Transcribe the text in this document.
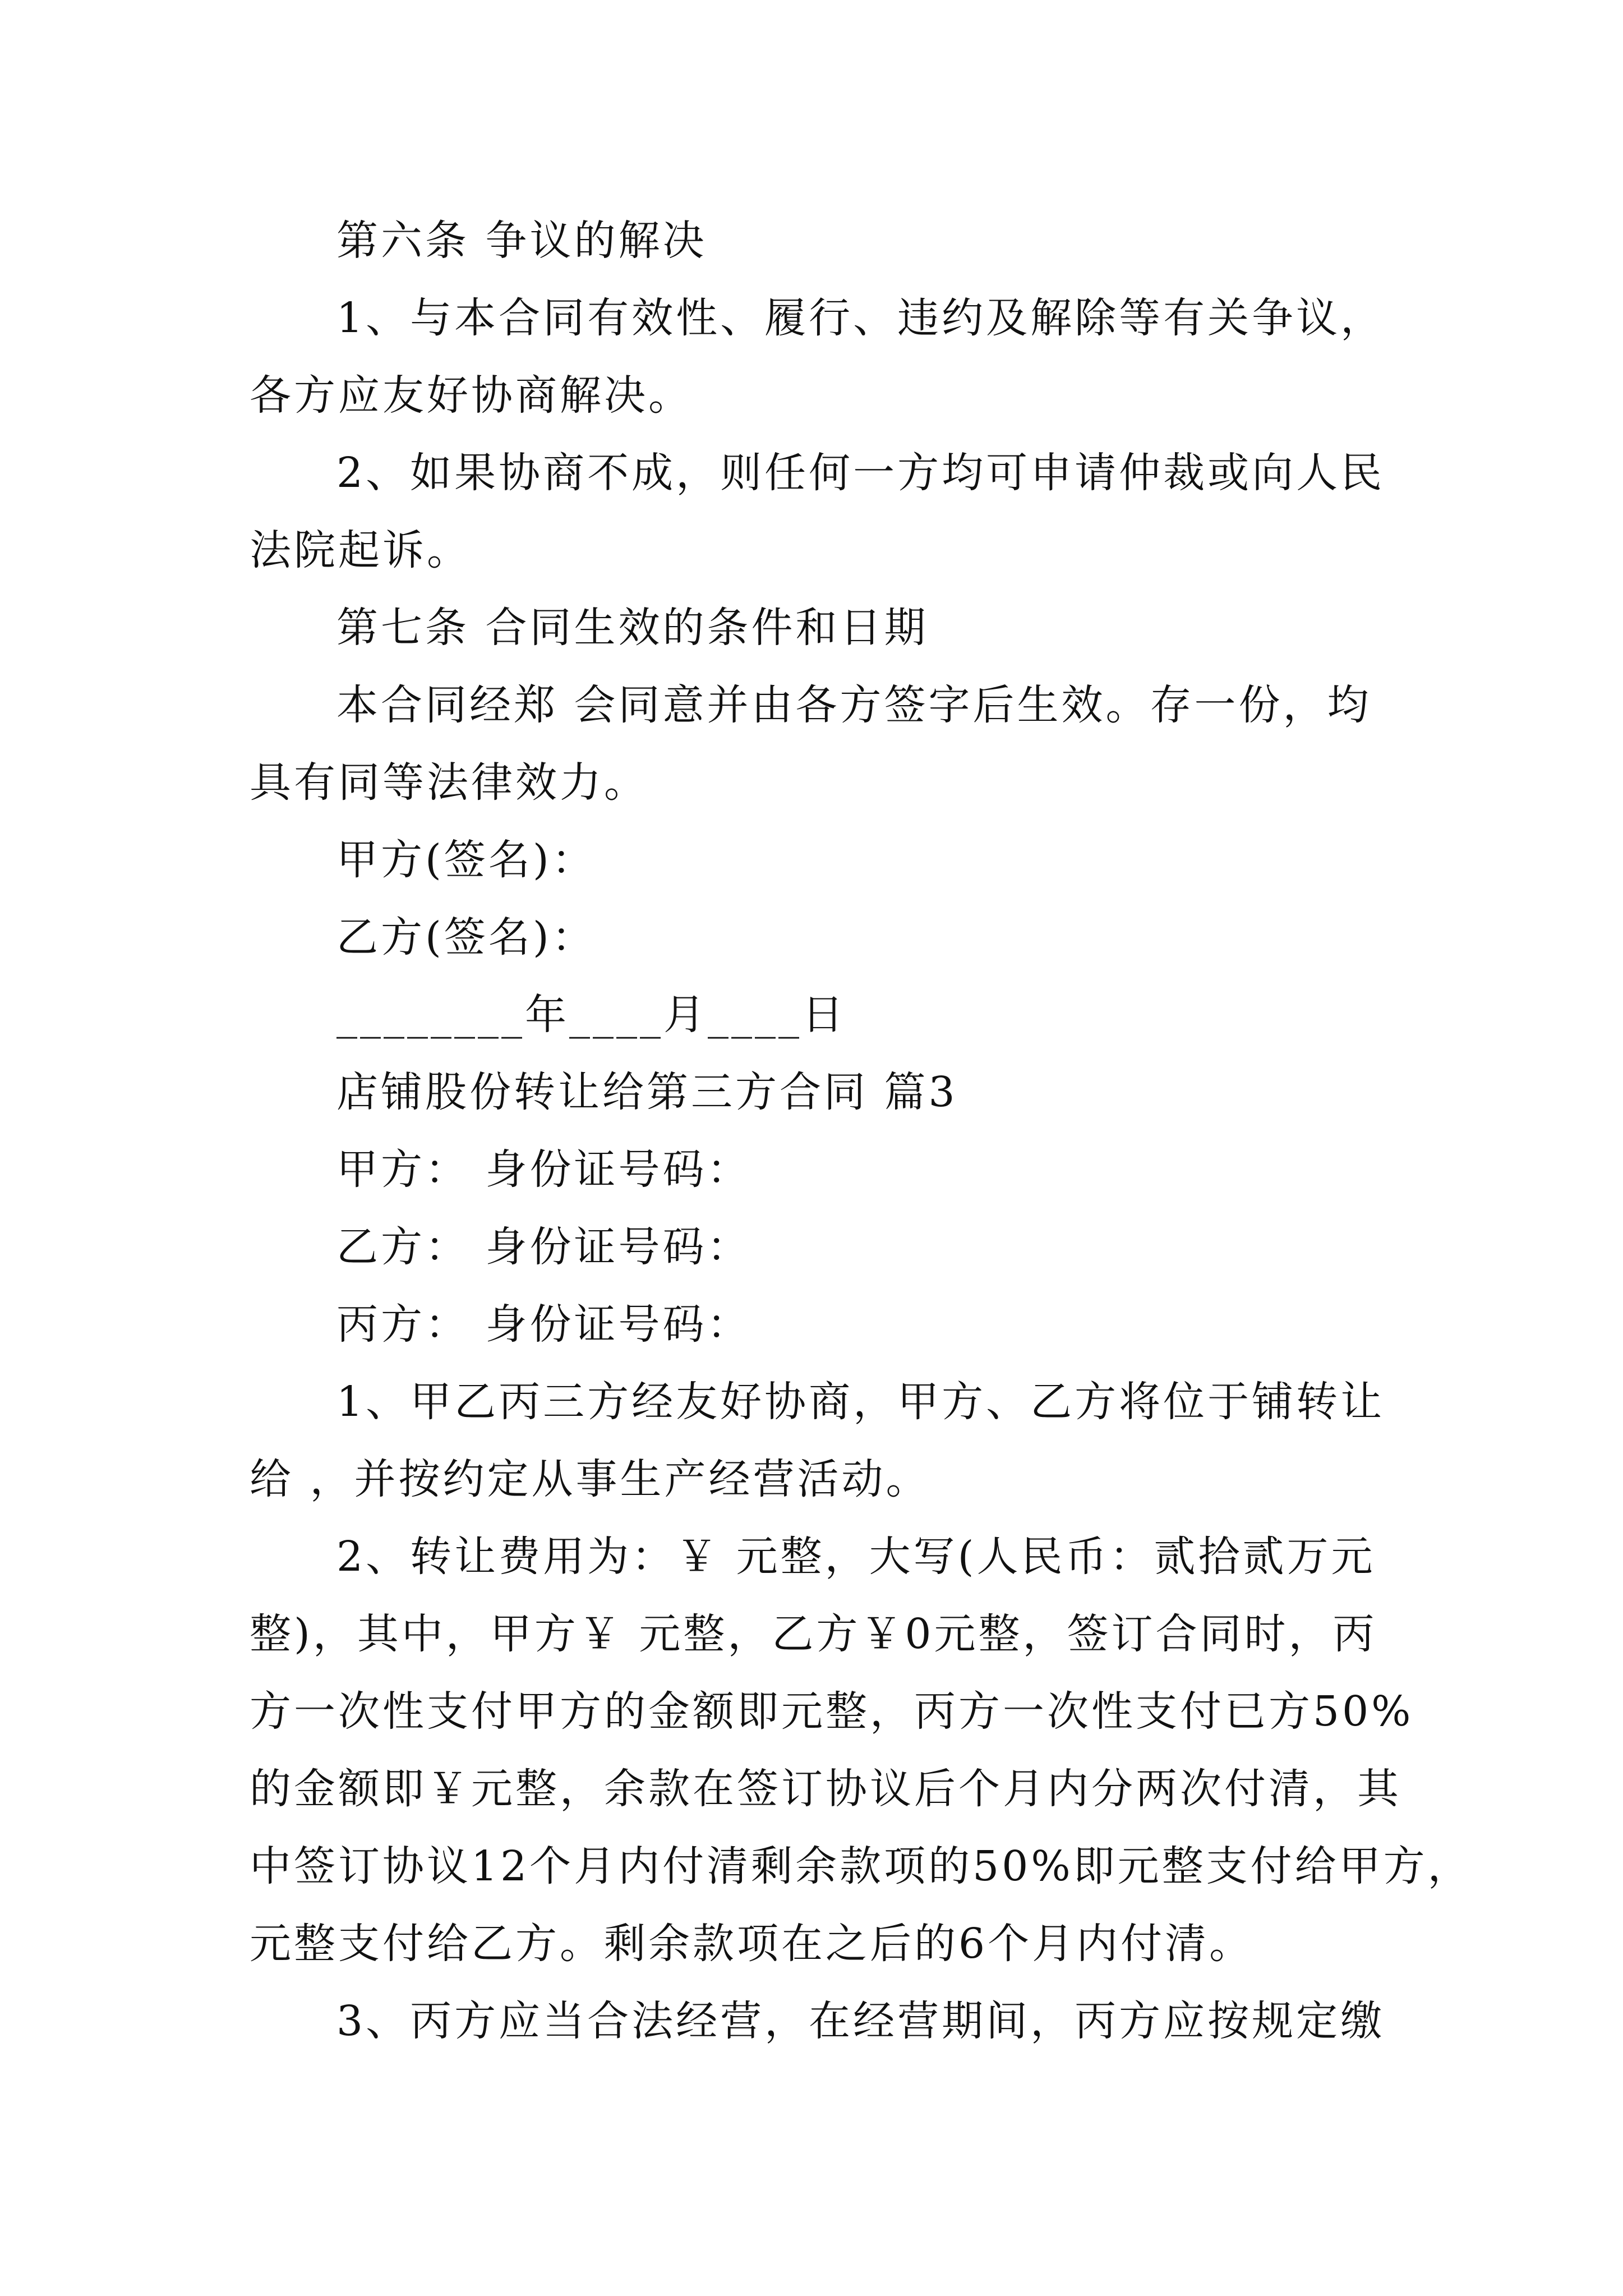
第六条 争议的解决
1、与本合同有效性、履行、违约及解除等有关争议，
各方应友好协商解决。
2、如果协商不成，则任何一方均可申请仲裁或向人民
法院起诉。
第七条 合同生效的条件和日期
本合同经郑 会同意并由各方签字后生效。存一份，均
具有同等法律效力。
甲方(签名)：
乙方(签名)：
________年____月____日
店铺股份转让给第三方合同 篇3
甲方： 身份证号码：
乙方： 身份证号码：
丙方： 身份证号码：
1、甲乙丙三方经友好协商，甲方、乙方将位于铺转让
给 ，并按约定从事生产经营活动。
2、转让费用为：￥ 元整，大写(人民币：贰拾贰万元
整)，其中，甲方￥ 元整，乙方￥0元整，签订合同时，丙
方一次性支付甲方的金额即元整，丙方一次性支付已方50%
的金额即￥元整，余款在签订协议后个月内分两次付清，其
中签订协议12个月内付清剩余款项的50%即元整支付给甲方，
元整支付给乙方。剩余款项在之后的6个月内付清。
3、丙方应当合法经营，在经营期间，丙方应按规定缴
